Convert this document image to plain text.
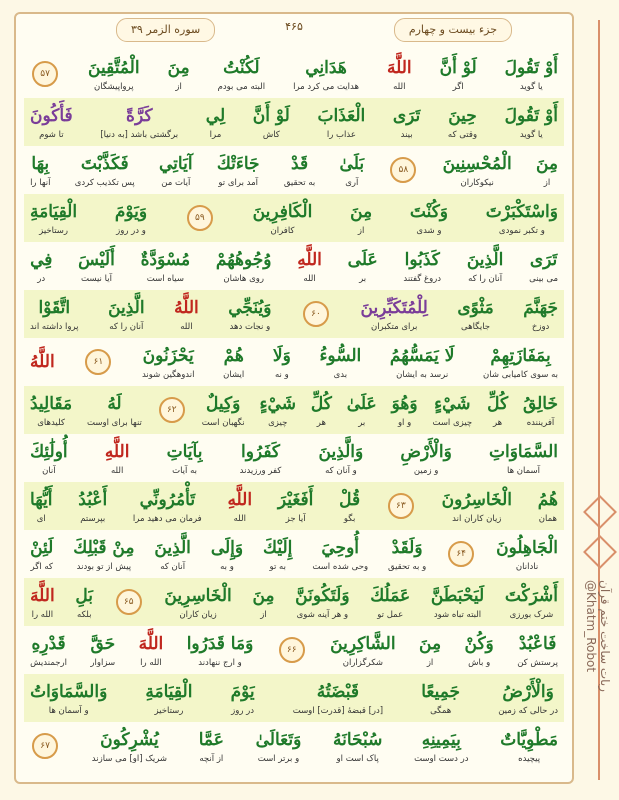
سوره الزمر ۳۹	۴۶۵	جزء بیست و چهارم
أَوْ تَقُولَ
یا گوید
لَوْ أَنَّ
اگر
اللَّهَ
الله
هَدَانِي
هدایت می کرد مرا
لَكُنْتُ
البته می بودم
مِنَ
از
الْمُتَّقِينَ
پرواپیشگان
۵۷
أَوْ تَقُولَ
یا گوید
حِينَ
وقتی که
تَرَى
بیند
الْعَذَابَ
عذاب را
لَوْ أَنَّ
کاش
لِي
مرا
كَرَّةً
برگشتی باشد [به دنیا]
فَأَكُونَ
تا شوم
مِنَ
از
الْمُحْسِنِينَ
نیکوکاران
۵۸
بَلَىٰ
آری
قَدْ
به تحقیق
جَاءَتْكَ
آمد برای تو
آيَاتِي
آیات من
فَكَذَّبْتَ
پس تکذیب کردی
بِهَا
آنها را
وَاسْتَكْبَرْتَ
و تکبر نمودی
وَكُنْتَ
و شدی
مِنَ
از
الْكَافِرِينَ
کافران
۵۹
وَيَوْمَ
و در روز
الْقِيَامَةِ
رستاخیز
تَرَى
می بینی
الَّذِينَ
آنان را که
كَذَبُوا
دروغ گفتند
عَلَى
بر
اللَّهِ
الله
وُجُوهُهُمْ
روی هاشان
مُسْوَدَّةٌ
سیاه است
أَلَيْسَ
آیا نیست
فِي
در
جَهَنَّمَ
دوزخ
مَثْوًى
جایگاهی
لِلْمُتَكَبِّرِينَ
برای متکبران
۶۰
وَيُنَجِّي
و نجات دهد
اللَّهُ
الله
الَّذِينَ
آنان را که
اتَّقَوْا
پروا داشته اند
بِمَفَازَتِهِمْ
به سوی کامیابی شان
لَا يَمَسُّهُمُ
نرسد به ایشان
السُّوءُ
بدی
وَلَا
و نه
هُمْ
ایشان
يَحْزَنُونَ
اندوهگین شوند
۶۱
اللَّهُ
خَالِقُ
آفریننده
كُلِّ
هر
شَيْءٍ
چیزی است
وَهُوَ
و او
عَلَىٰ
بر
كُلِّ
هر
شَيْءٍ
چیزی
وَكِيلٌ
نگهبان است
۶۲
لَهُ
تنها برای اوست
مَقَالِيدُ
کلیدهای
السَّمَاوَاتِ
آسمان ها
وَالْأَرْضِ
و زمین
وَالَّذِينَ
و آنان که
كَفَرُوا
کفر ورزیدند
بِآيَاتِ
به آیات
اللَّهِ
الله
أُولَٰئِكَ
آنان
هُمُ
همان
الْخَاسِرُونَ
زیان کاران اند
۶۳
قُلْ
بگو
أَفَغَيْرَ
آیا جز
اللَّهِ
الله
تَأْمُرُونِّي
فرمان می دهید مرا
أَعْبُدُ
بپرستم
أَيُّهَا
ای
الْجَاهِلُونَ
نادانان
۶۴
وَلَقَدْ
و به تحقیق
أُوحِيَ
وحی شده است
إِلَيْكَ
به تو
وَإِلَى
و به
الَّذِينَ
آنان که
مِنْ قَبْلِكَ
پیش از تو بودند
لَئِنْ
که اگر
أَشْرَكْتَ
شرک بورزی
لَيَحْبَطَنَّ
البته تباه شود
عَمَلُكَ
عمل تو
وَلَتَكُونَنَّ
و هر آینه شوی
مِنَ
از
الْخَاسِرِينَ
زیان کاران
۶۵
بَلِ
بلکه
اللَّهَ
الله را
فَاعْبُدْ
پرستش کن
وَكُنْ
و باش
مِنَ
از
الشَّاكِرِينَ
شکرگزاران
۶۶
وَمَا قَدَرُوا
و ارج ننهادند
اللَّهَ
الله را
حَقَّ
سزاوار
قَدْرِهِ
ارجمندیش
وَالْأَرْضُ
در حالی که زمین
جَمِيعًا
همگی
قَبْضَتُهُ
[در] قبضهٔ [قدرت] اوست
يَوْمَ
در روز
الْقِيَامَةِ
رستاخیز
وَالسَّمَاوَاتُ
و آسمان ها
مَطْوِيَّاتٌ
پیچیده
بِيَمِينِهِ
در دست اوست
سُبْحَانَهُ
پاک است او
وَتَعَالَىٰ
و برتر است
عَمَّا
از آنچه
يُشْرِكُونَ
شریک [او] می سازند
۶۷
ربات ساخت ختم قرآن   @Khatm_Robot
